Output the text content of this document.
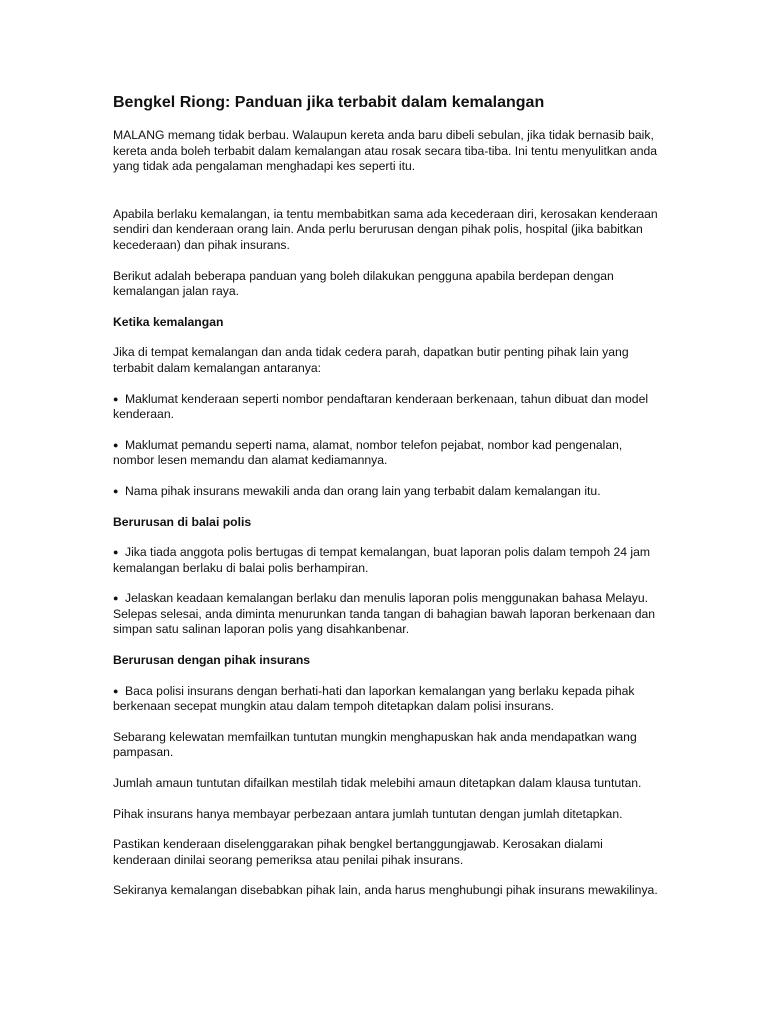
Bengkel Riong: Panduan jika terbabit dalam kemalangan

MALANG memang tidak berbau. Walaupun kereta anda baru dibeli sebulan, jika tidak bernasib baik, kereta anda boleh terbabit dalam kemalangan atau rosak secara tiba-tiba. Ini tentu menyulitkan anda yang tidak ada pengalaman menghadapi kes seperti itu.

Apabila berlaku kemalangan, ia tentu membabitkan sama ada kecederaan diri, kerosakan kenderaan sendiri dan kenderaan orang lain. Anda perlu berurusan dengan pihak polis, hospital (jika babitkan kecederaan) dan pihak insurans.

Berikut adalah beberapa panduan yang boleh dilakukan pengguna apabila berdepan dengan kemalangan jalan raya.

Ketika kemalangan

Jika di tempat kemalangan dan anda tidak cedera parah, dapatkan butir penting pihak lain yang terbabit dalam kemalangan antaranya:

● Maklumat kenderaan seperti nombor pendaftaran kenderaan berkenaan, tahun dibuat dan model kenderaan.
● Maklumat pemandu seperti nama, alamat, nombor telefon pejabat, nombor kad pengenalan, nombor lesen memandu dan alamat kediamannya.
● Nama pihak insurans mewakili anda dan orang lain yang terbabit dalam kemalangan itu.
Berurusan di balai polis
● Jika tiada anggota polis bertugas di tempat kemalangan, buat laporan polis dalam tempoh 24 jam kemalangan berlaku di balai polis berhampiran.
● Jelaskan keadaan kemalangan berlaku dan menulis laporan polis menggunakan bahasa Melayu. Selepas selesai, anda diminta menurunkan tanda tangan di bahagian bawah laporan berkenaan dan simpan satu salinan laporan polis yang disahkanbenar.
Berurusan dengan pihak insurans
● Baca polisi insurans dengan berhati-hati dan laporkan kemalangan yang berlaku kepada pihak berkenaan secepat mungkin atau dalam tempoh ditetapkan dalam polisi insurans.

Sebarang kelewatan memfailkan tuntutan mungkin menghapuskan hak anda mendapatkan wang pampasan.

Jumlah amaun tuntutan difailkan mestilah tidak melebihi amaun ditetapkan dalam klausa tuntutan.

Pihak insurans hanya membayar perbezaan antara jumlah tuntutan dengan jumlah ditetapkan.

Pastikan kenderaan diselenggarakan pihak bengkel bertanggungjawab. Kerosakan dialami kenderaan dinilai seorang pemeriksa atau penilai pihak insurans.

Sekiranya kemalangan disebabkan pihak lain, anda harus menghubungi pihak insurans mewakilinya.
